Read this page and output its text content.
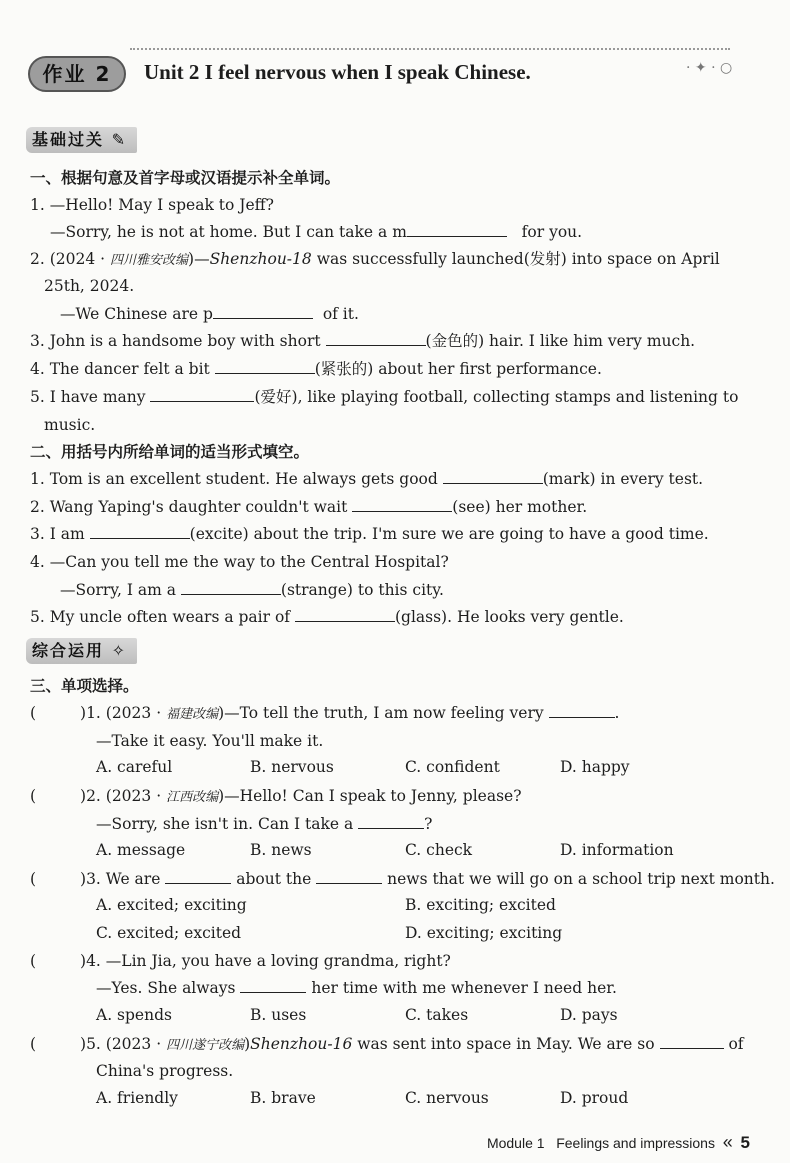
· ✦ · ○
作业 2	Unit 2 I feel nervous when I speak Chinese.
基础过关 ✎
一、根据句意及首字母或汉语提示补全单词。
1. —Hello! May I speak to Jeff?
—Sorry, he is not at home. But I can take a m	for you.
2. (2024 · 四川雅安改编)—Shenzhou-18 was successfully launched(发射) into space on April
25th, 2024.
—We Chinese are p	of it.
3. John is a handsome boy with short	(金色的) hair. I like him very much.
4. The dancer felt a bit	(紧张的) about her first performance.
5. I have many	(爱好), like playing football, collecting stamps and listening to
music.
二、用括号内所给单词的适当形式填空。
1. Tom is an excellent student. He always gets good	(mark) in every test.
2. Wang Yaping's daughter couldn't wait	(see) her mother.
3. I am	(excite) about the trip. I'm sure we are going to have a good time.
4. —Can you tell me the way to the Central Hospital?
—Sorry, I am a	(strange) to this city.
5. My uncle often wears a pair of	(glass). He looks very gentle.
综合运用 ✧
三、单项选择。
(	)1. (2023 · 福建改编)—To tell the truth, I am now feeling very	.
—Take it easy. You'll make it.
A. careful	B. nervous	C. confident	D. happy
(	)2. (2023 · 江西改编)—Hello! Can I speak to Jenny, please?
—Sorry, she isn't in. Can I take a	?
A. message	B. news	C. check	D. information
(	)3. We are	about the	news that we will go on a school trip next month.
A. excited; exciting	B. exciting; excited
C. excited; excited	D. exciting; exciting
(	)4. —Lin Jia, you have a loving grandma, right?
—Yes. She always	her time with me whenever I need her.
A. spends	B. uses	C. takes	D. pays
(	)5. (2023 · 四川遂宁改编)Shenzhou-16 was sent into space in May. We are so	of
China's progress.
A. friendly	B. brave	C. nervous	D. proud
Module 1 Feelings and impressions « 5
